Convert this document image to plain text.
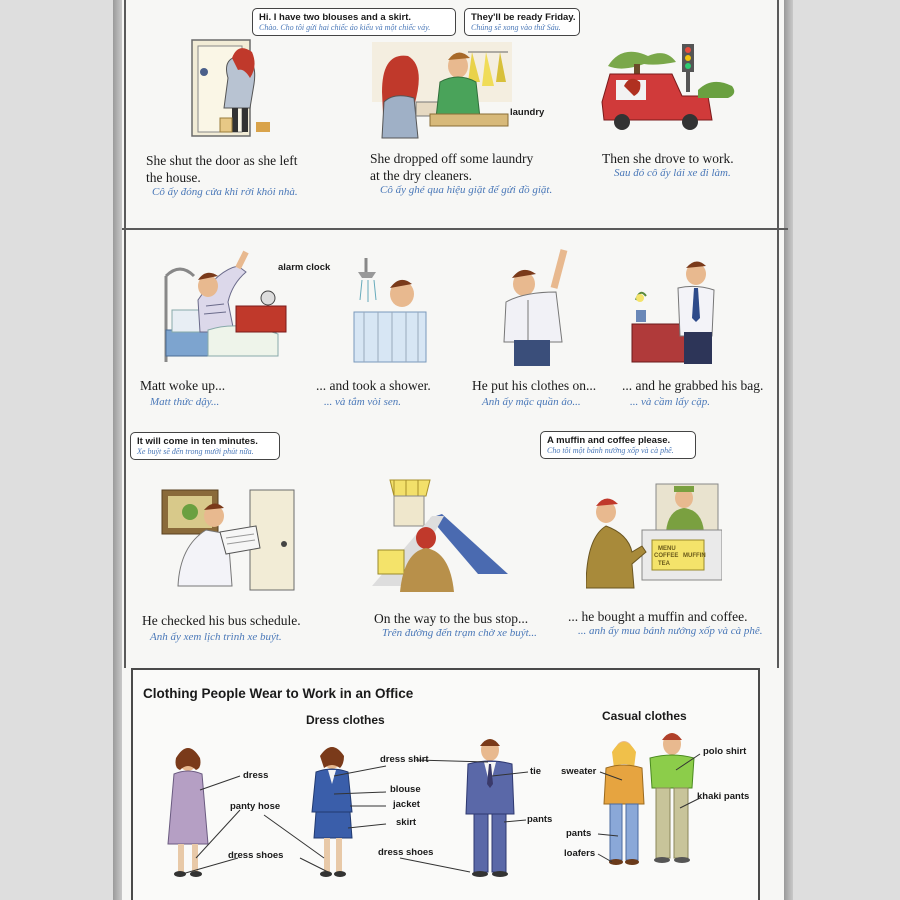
Hi. I have two blouses and a skirt.
Chào. Cho tôi gửi hai chiếc áo kiểu và một chiếc váy.
They'll be ready Friday.
Chúng sẽ xong vào thứ Sáu.
laundry
She shut the door as she left
the house.
Cô ấy đóng cửa khi rời khỏi nhà.
She dropped off some laundry
at the dry cleaners.
Cô ấy ghé qua hiệu giặt để gửi đồ giặt.
Then she drove to work.
Sau đó cô ấy lái xe đi làm.
alarm clock
Matt woke up...
Matt thức dậy...
... and took a shower.
... và tắm vòi sen.
He put his clothes on...
Anh ấy mặc quần áo...
... and he grabbed his bag.
... và cầm lấy cặp.
It will come in ten minutes.
Xe buýt sẽ đến trong mười phút nữa.
A muffin and coffee please.
Cho tôi một bánh nướng xốp và cà phê.
MENU
COFFEE MUFFIN
TEA
He checked his bus schedule.
Anh ấy xem lịch trình xe buýt.
On the way to the bus stop...
Trên đường đến trạm chờ xe buýt...
... he bought a muffin and coffee.
... anh ấy mua bánh nướng xốp và cà phê.
Clothing People Wear to Work in an Office
Dress clothes	Casual clothes
dress
panty hose
dress shoes
dress shirt
blouse
jacket
skirt
dress shoes
tie
pants
sweater
polo shirt
khaki pants
pants
loafers
